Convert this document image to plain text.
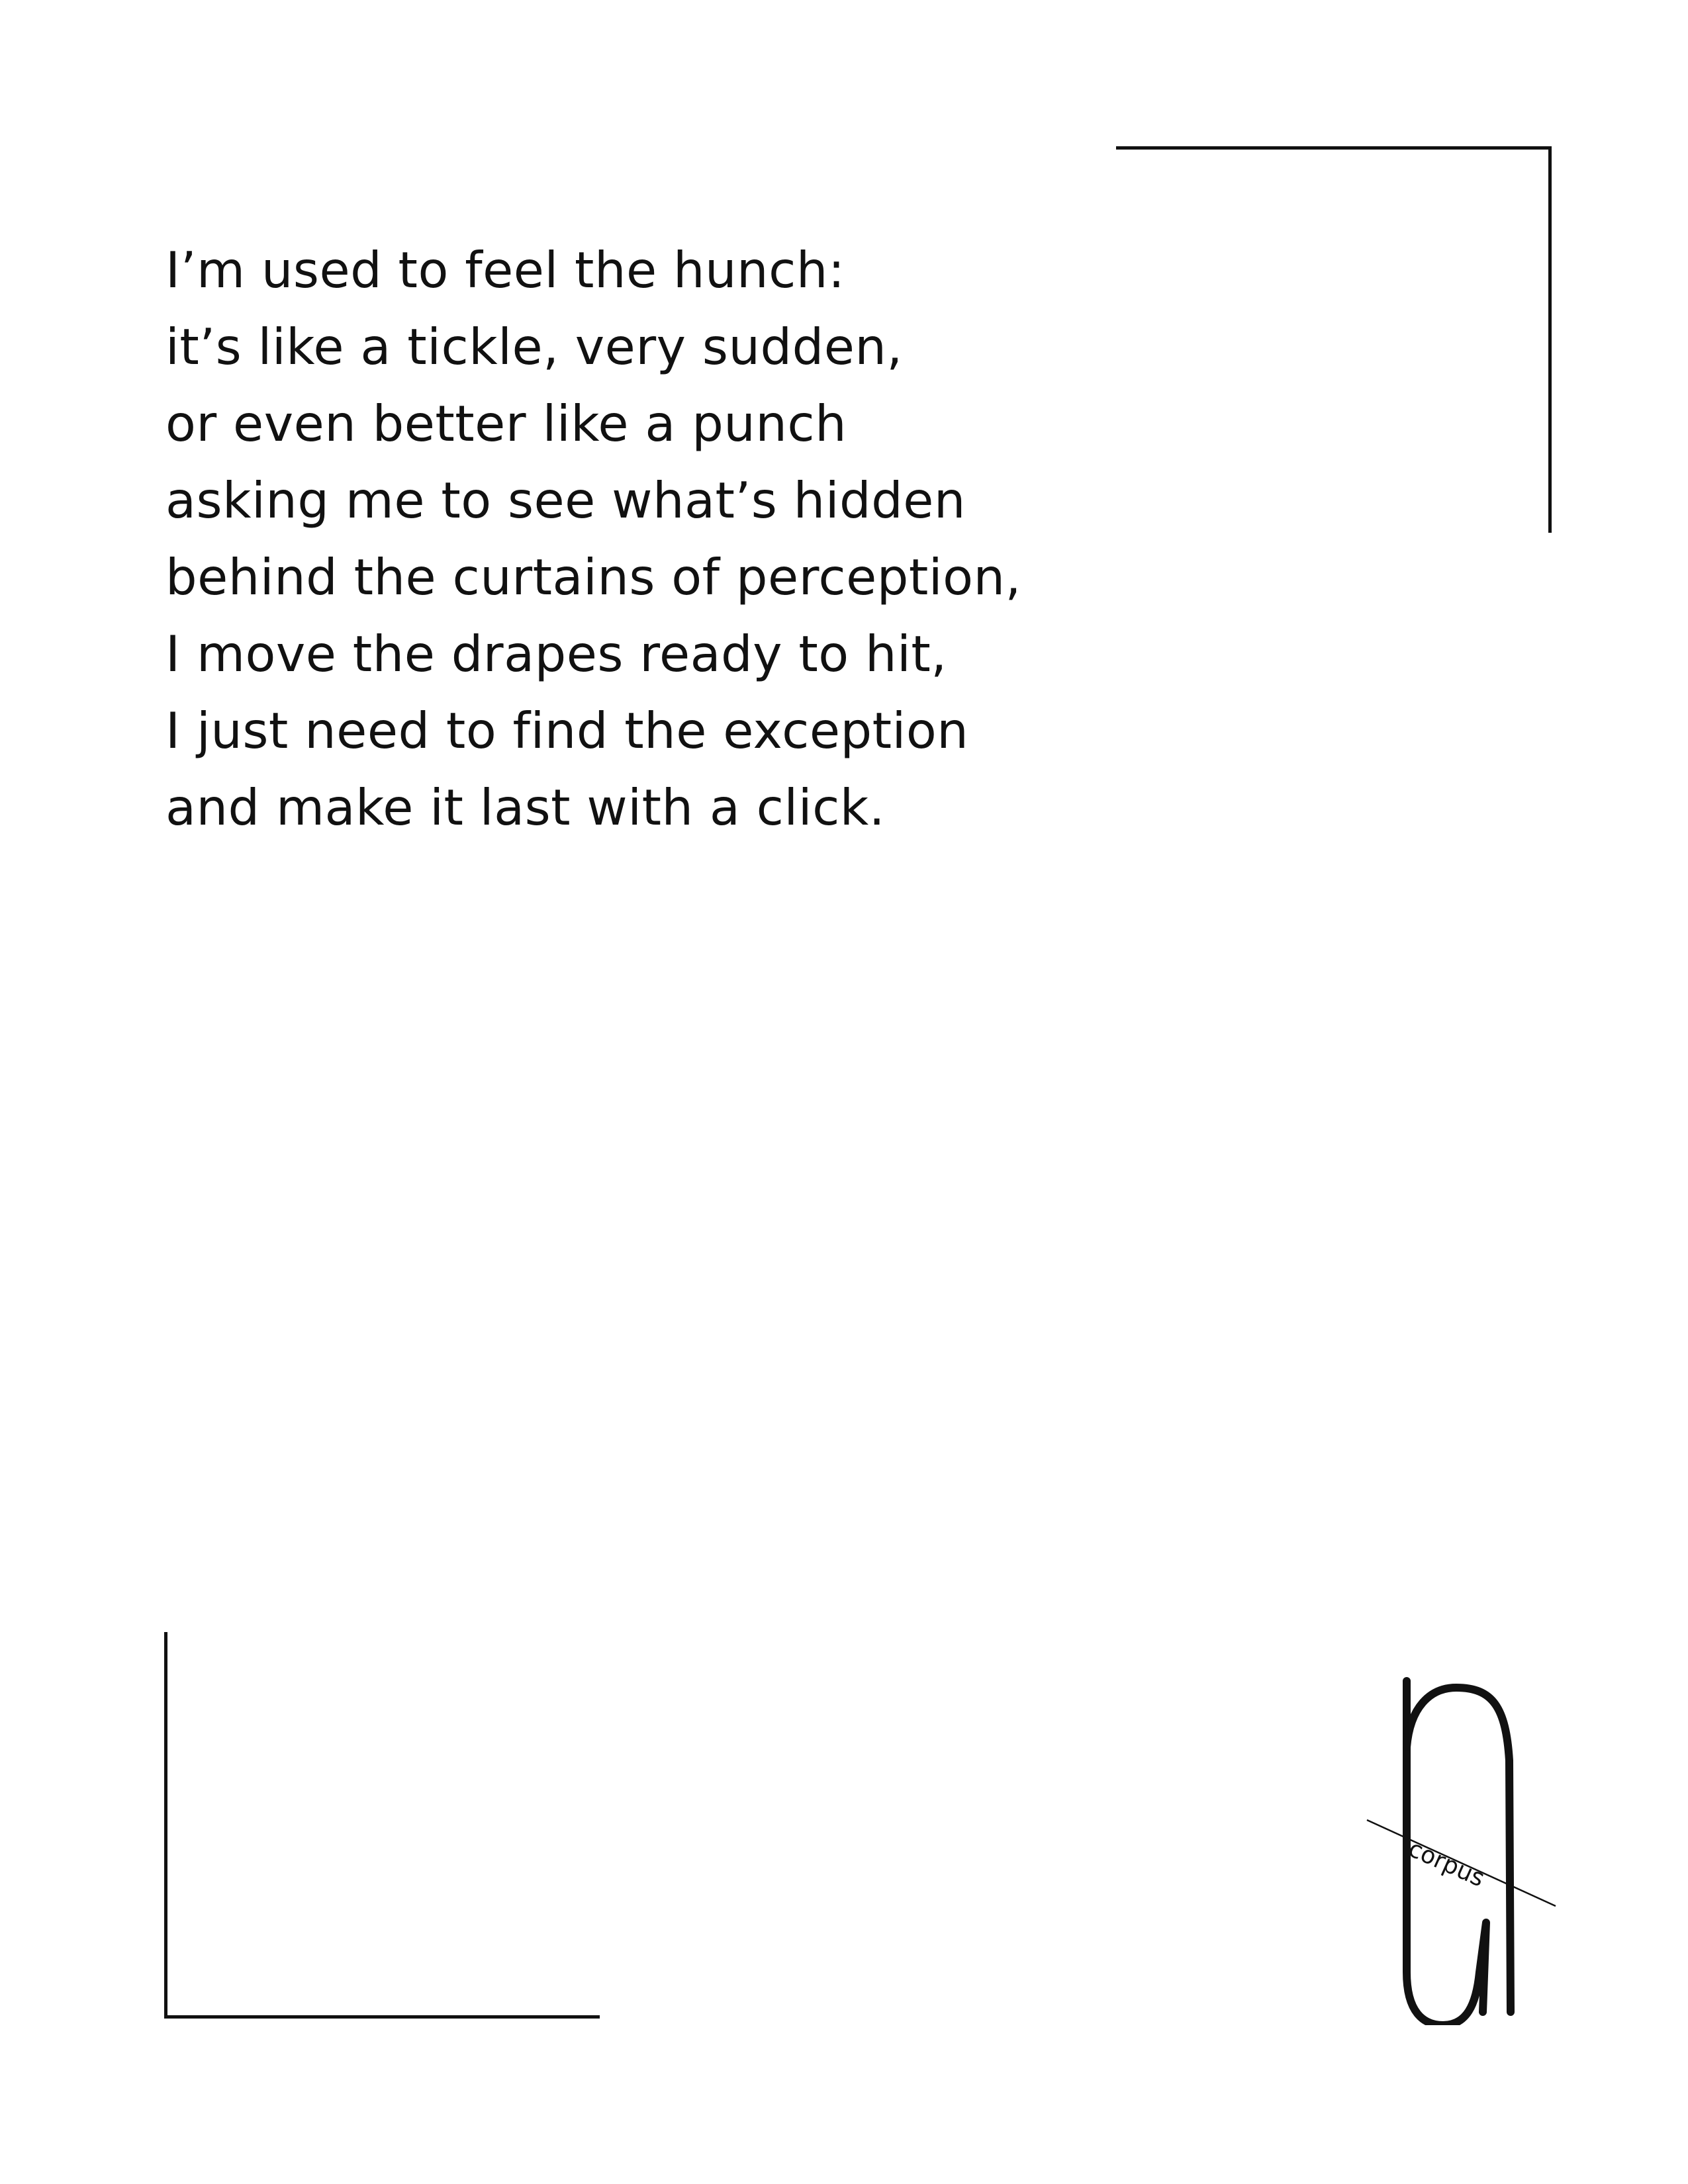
I’m used to feel the hunch:
it’s like a tickle, very sudden,
or even better like a punch
asking me to see what’s hidden
behind the curtains of perception,
I move the drapes ready to hit,
I just need to find the exception
and make it last with a click.
corpus
